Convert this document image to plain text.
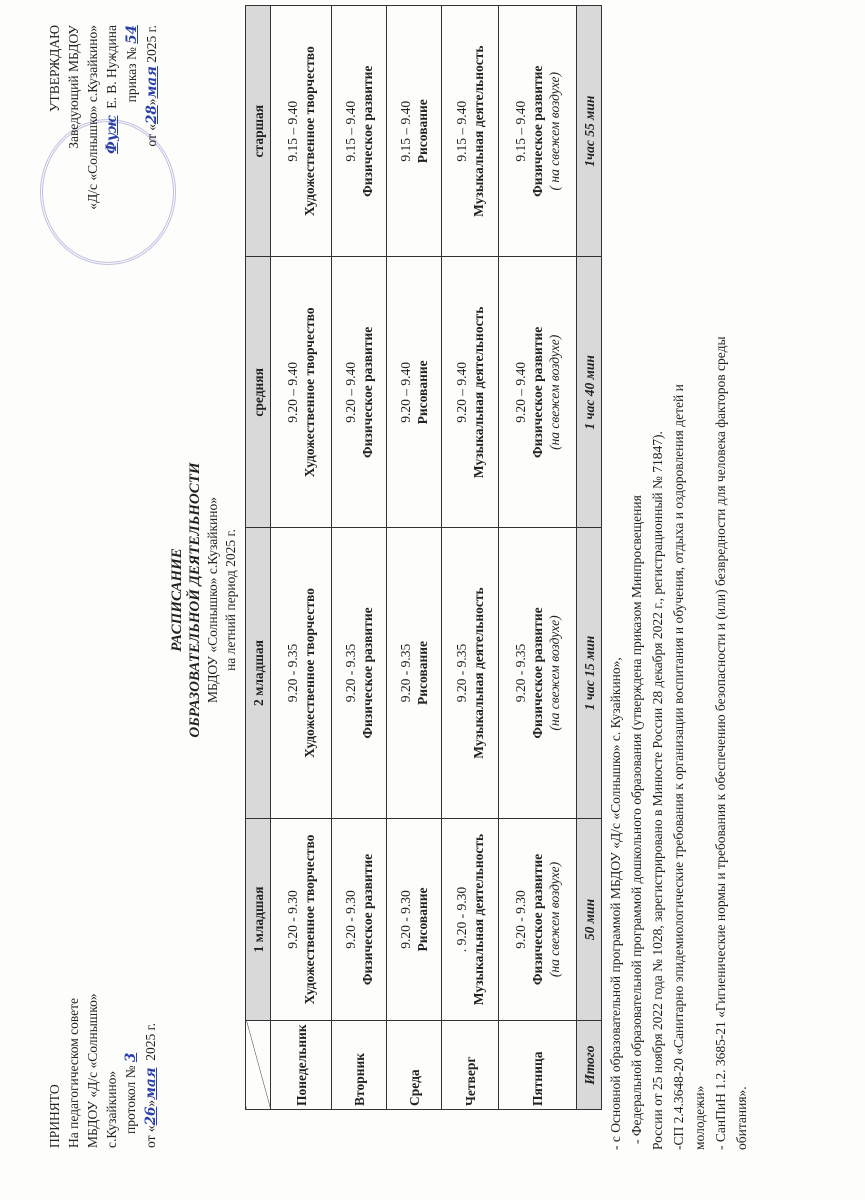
ПРИНЯТО На педагогическом совете МБДОУ «Д/с «Солнышко» с.Кузайкино» протокол № 3
от «26»мая  2025 г.
УТВЕРЖДАЮ Заведующий МБДОУ «Д/с «Солнышко» с.Кузайкино» Фуж  Е. В. Нуждина приказ № 54
от «28»мая 2025 г.
РАСПИСАНИЕ ОБРАЗОВАТЕЛЬНОЙ ДЕЯТЕЛЬНОСТИ МБДОУ «Солнышко» с.Кузайкино» на летний период 2025 г.
	1 младшая	2 младшая	средняя	старшая
Понедельник	9.20 - 9.30 Художественное творчество	9.20 - 9.35 Художественное творчество	9.20 – 9.40 Художественное творчество	9.15 – 9.40 Художественное творчество

Вторник	9.20 - 9.30 Физическое развитие	9.20 - 9.35 Физическое развитие	9.20 – 9.40 Физическое развитие	9.15 – 9.40 Физическое развитие

Среда	9.20 - 9.30 Рисование	9.20 - 9.35 Рисование	9.20 – 9.40 Рисование	9.15 – 9.40 Рисование

Четверг	. 9.20 - 9.30 Музыкальная деятельность	9.20 - 9.35 Музыкальная деятельность	9.20 – 9.40 Музыкальная деятельность	9.15 – 9.40 Музыкальная деятельность

Пятница	9.20 - 9.30 Физическое развитие (на свежем воздухе)	9.20 - 9.35 Физическое развитие (на свежем воздухе)	9.20 – 9.40 Физическое развитие (на свежем воздухе)	9.15 – 9.40 Физическое развитие ( на свежем воздухе)

Итого	50 мин	1 час 15 мин	1 час 40 мин	1час 55 мин
- с Основной образовательной программой МБДОУ «Д/с «Солнышко» с. Кузайкино», - Федеральной образовательной программой дошкольного образования (утверждена приказом Минпросвещения России от 25 ноября 2022 года № 1028, зарегистрировано в Минюсте России 28 декабря 2022 г., регистрационный № 71847). -СП 2.4.3648-20 «Санитарно эпидемиологические требования к организации воспитания и обучения, отдыха и оздоровления детей и молодежи» - СанПиН 1.2. 3685-21 «Гигиенические нормы и требования к обеспечению безопасности и (или) безвредности для человека факторов среды обитания».
